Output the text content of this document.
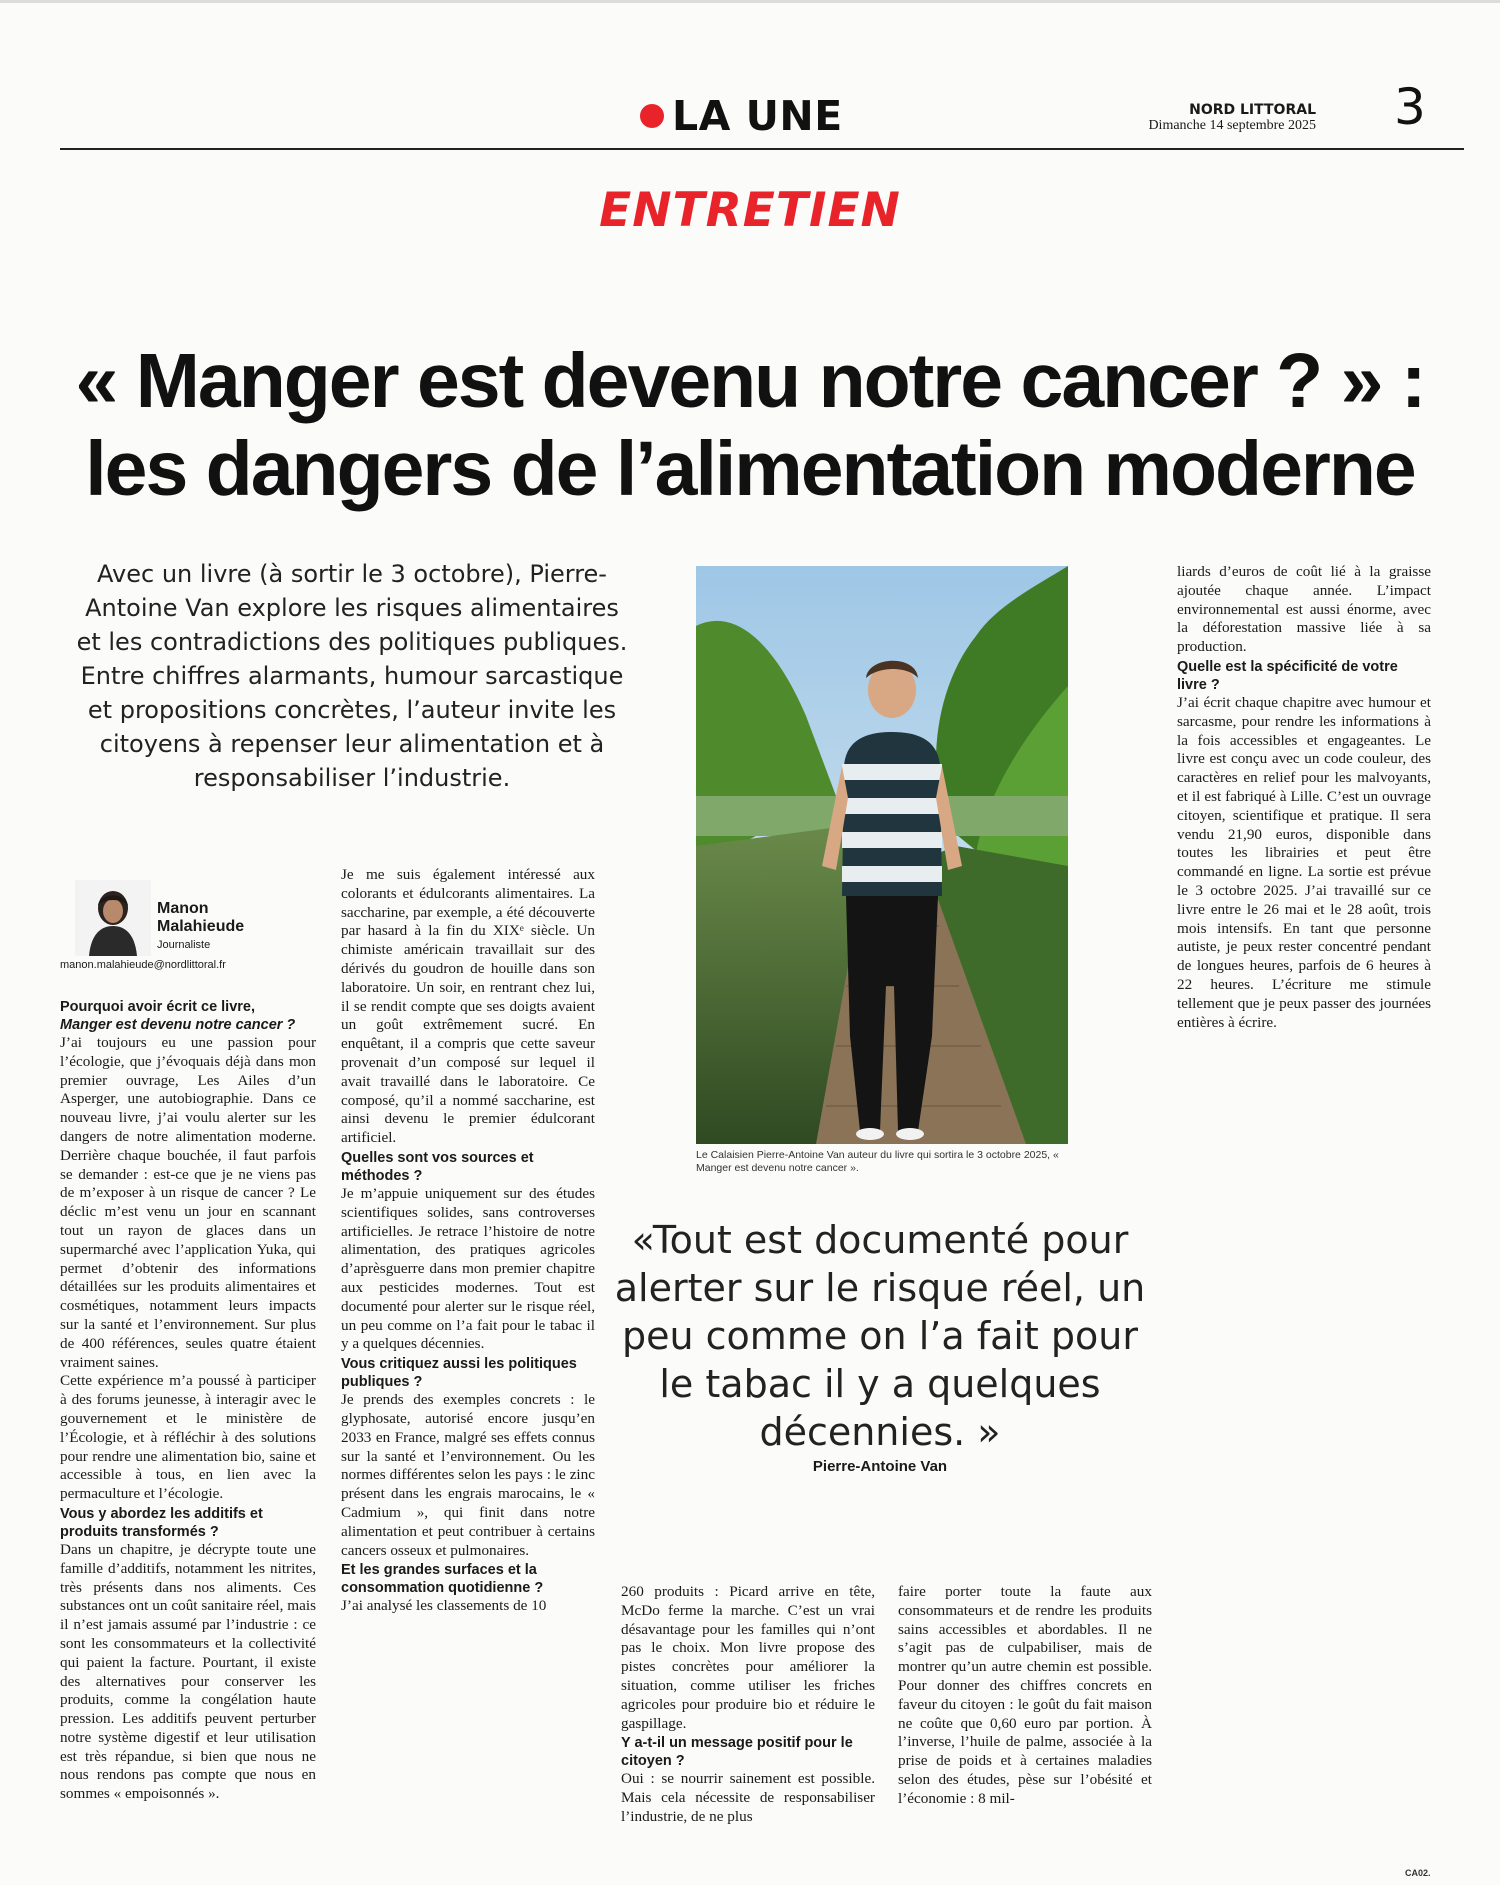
LA UNE	NORD LITTORAL
Dimanche 14 septembre 2025 3
ENTRETIEN
« Manger est devenu notre cancer ? » :
les dangers de l’alimentation moderne
Avec un livre (à sortir le 3 octobre), Pierre-Antoine Van explore les risques alimentaires et les contradictions des politiques publiques. Entre chiffres alarmants, humour sarcastique et propositions concrètes, l’auteur invite les citoyens à repenser leur alimentation et à responsabiliser l’industrie.
Manon Malahieude
Journaliste
manon.malahieude@nordlittoral.fr

Pourquoi avoir écrit ce livre,
Manger est devenu notre cancer ?

J’ai toujours eu une passion pour l’écologie, que j’évoquais déjà dans mon premier ouvrage, Les Ailes d’un Asperger, une autobiographie. Dans ce nouveau livre, j’ai voulu alerter sur les dangers de notre alimentation moderne. Derrière chaque bouchée, il faut parfois se demander : est-ce que je ne viens pas de m’exposer à un risque de cancer ? Le déclic m’est venu un jour en scannant tout un rayon de glaces dans un supermarché avec l’application Yuka, qui permet d’obtenir des informations détaillées sur les produits alimentaires et cosmétiques, notamment leurs impacts sur la santé et l’environnement. Sur plus de 400 références, seules quatre étaient vraiment saines.

Cette expérience m’a poussé à participer à des forums jeunesse, à interagir avec le gouvernement et le ministère de l’Écologie, et à réfléchir à des solutions pour rendre une alimentation bio, saine et accessible à tous, en lien avec la permaculture et l’écologie.

Vous y abordez les additifs et produits transformés ?

Dans un chapitre, je décrypte toute une famille d’additifs, notamment les nitrites, très présents dans nos aliments. Ces substances ont un coût sanitaire réel, mais il n’est jamais assumé par l’industrie : ce sont les consommateurs et la collectivité qui paient la facture. Pourtant, il existe des alternatives pour conserver les produits, comme la congélation haute pression. Les additifs peuvent perturber notre système digestif et leur utilisation est très répandue, si bien que nous ne nous rendons pas compte que nous en sommes « empoisonnés ».

Je me suis également intéressé aux colorants et édulcorants alimentaires. La saccharine, par exemple, a été découverte par hasard à la fin du XIXᵉ siècle. Un chimiste américain travaillait sur des dérivés du goudron de houille dans son laboratoire. Un soir, en rentrant chez lui, il se rendit compte que ses doigts avaient un goût extrêmement sucré. En enquêtant, il a compris que cette saveur provenait d’un composé sur lequel il avait travaillé dans le laboratoire. Ce composé, qu’il a nommé saccharine, est ainsi devenu le premier édulcorant artificiel.

Quelles sont vos sources et méthodes ?

Je m’appuie uniquement sur des études scientifiques solides, sans controverses artificielles. Je retrace l’histoire de notre alimentation, des pratiques agricoles d’aprèsguerre dans mon premier chapitre aux pesticides modernes. Tout est documenté pour alerter sur le risque réel, un peu comme on l’a fait pour le tabac il y a quelques décennies.

Vous critiquez aussi les politiques publiques ?

Je prends des exemples concrets : le glyphosate, autorisé encore jusqu’en 2033 en France, malgré ses effets connus sur la santé et l’environnement. Ou les normes différentes selon les pays : le zinc présent dans les engrais marocains, le « Cadmium », qui finit dans notre alimentation et peut contribuer à certains cancers osseux et pulmonaires.

Et les grandes surfaces et la consommation quotidienne ?

J’ai analysé les classements de 10

Le Calaisien Pierre-Antoine Van auteur du livre qui sortira le 3 octobre 2025, « Manger est devenu notre cancer ».
«Tout est documenté pour alerter sur le risque réel, un peu comme on l’a fait pour le tabac il y a quelques décennies. »
Pierre-Antoine Van

260 produits : Picard arrive en tête, McDo ferme la marche. C’est un vrai désavantage pour les familles qui n’ont pas le choix. Mon livre propose des pistes concrètes pour améliorer la situation, comme utiliser les friches agricoles pour produire bio et réduire le gaspillage.

Y a-t-il un message positif pour le citoyen ?

Oui : se nourrir sainement est possible. Mais cela nécessite de responsabiliser l’industrie, de ne plus

faire porter toute la faute aux consommateurs et de rendre les produits sains accessibles et abordables. Il ne s’agit pas de culpabiliser, mais de montrer qu’un autre chemin est possible. Pour donner des chiffres concrets en faveur du citoyen : le goût du fait maison ne coûte que 0,60 euro par portion. À l’inverse, l’huile de palme, associée à la prise de poids et à certaines maladies selon des études, pèse sur l’obésité et l’économie : 8 mil-

liards d’euros de coût lié à la graisse ajoutée chaque année. L’impact environnemental est aussi énorme, avec la déforestation massive liée à sa production.

Quelle est la spécificité de votre livre ?

J’ai écrit chaque chapitre avec humour et sarcasme, pour rendre les informations à la fois accessibles et engageantes. Le livre est conçu avec un code couleur, des caractères en relief pour les malvoyants, et il est fabriqué à Lille. C’est un ouvrage citoyen, scientifique et pratique. Il sera vendu 21,90 euros, disponible dans toutes les librairies et peut être commandé en ligne. La sortie est prévue le 3 octobre 2025. J’ai travaillé sur ce livre entre le 26 mai et le 28 août, trois mois intensifs. En tant que personne autiste, je peux rester concentré pendant de longues heures, parfois de 6 heures à 22 heures. L’écriture me stimule tellement que je peux passer des journées entières à écrire.

CA02.
